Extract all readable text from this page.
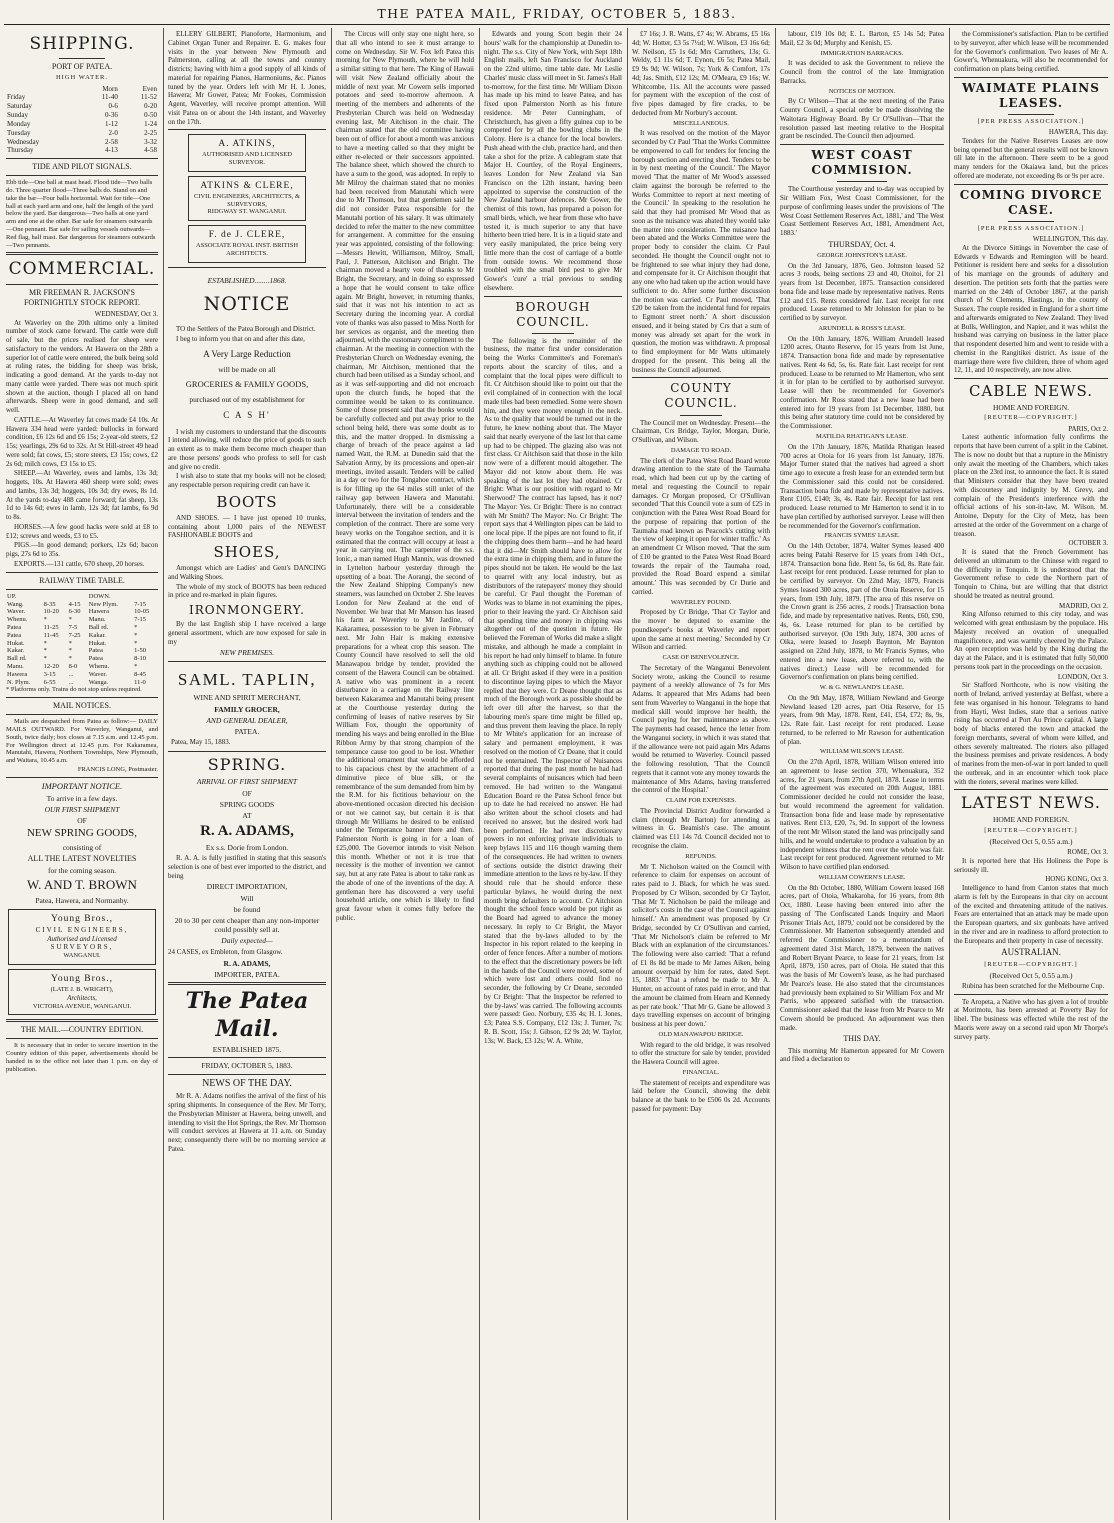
THE PATEA MAIL, FRIDAY, OCTOBER 5, 1883.
SHIPPING.
PORT OF PATEA.
HIGH WATER.
	Morn	Even
Friday	11-40	11-52
Saturday	0-6	0-20
Sunday	0-36	0-50
Monday	1-12	1-24
Tuesday	2-0	2-25
Wednesday	2-58	3-32
Thursday	4-13	4-58
TIDE AND PILOT SIGNALS.

Ebb tide—One ball at mast head. Flood tide—Two balls do. Three quarter flood—Three balls do. Stand on and take the bar—Four balls horizontal. Wait for tide—One ball at each yard arm and one, half the length of the yard below the yard. Bar dangerous—Two balls at one yard arm and one at the other. Bar safe for steamers outwards—One pennant. Bar safe for sailing vessels outwards—Red flag, half mast. Bar dangerous for steamers outwards—Two pennants.

COMMERCIAL.
MR FREEMAN R. JACKSON'S FORTNIGHTLY STOCK REPORT.
WEDNESDAY, Oct 3.

At Waverley on the 20th ultimo only a limited number of stock came forward. The cattle were dull of sale, but the prices realised for sheep were satisfactory to the vendors. At Hawera on the 28th a superior lot of cattle were entered, the bulk being sold at ruling rates, the bidding for sheep was brisk, indicating a good demand. At the yards to-day not many cattle were yarded. There was not much spirit shown at the auction, though I placed all on hand afterwards. Sheep were in good demand, and sell well.

CATTLE.—At Waverley fat cows made £4 10s. At Hawera 334 head were yarded: bullocks in forward condition, £6 12s 6d and £6 15s; 2-year-old steers, £2 15s; yearlings, 29s 6d to 32s. At St Hill-street 49 head were sold; fat cows, £5; store steers, £3 15s; cows, £2 2s 6d; milch cows, £3 15s to £5.

SHEEP.—At Waverley, ewes and lambs, 13s 3d; hoggets, 10s. At Hawera 460 sheep were sold; ewes and lambs, 13s 3d; hoggets, 10s 3d; dry ewes, 8s 1d. At the yards to-day 488 came forward; fat sheep, 13s 1d to 14s 6d; ewes in lamb, 12s 3d; fat lambs, 6s 9d to 8s.

HORSES.—A few good hacks were sold at £8 to £12; screws and weeds, £3 to £5.

PIGS.—In good demand; porkers, 12s 6d; bacon pigs, 27s 6d to 35s.

EXPORTS.—131 cattle, 670 sheep, 20 horses.

RAILWAY TIME TABLE.
UP.			DOWN.	
Wang.	8-35	4-15	New Plym.	7-15
Waver.	10-20	6-30	Hawera	10-05
Whenu.	*	*	Manu.	7-15
Patea	11-25	7-5	Ball rd.	*
Patea	11-45	7-25	Kakar.	*
Hukat.	*	*	Hukat.	*
Kakar.	*	*	Patea	1-50
Ball rd.	*	*	Patea	8-10
Manu.	12-20	8-0	Whenu.	*
Hawera	3-15	...	Waver.	8-45
N. Plym.	6-55	...	Wanga.	11-0

* Platforms only. Trains do not stop unless required.

MAIL NOTICES.

Mails are despatched from Patea as follow:— DAILY MAILS OUTWARD. For Waverley, Wanganui, and South, twice daily; box closes at 7.15 a.m. and 12.45 p.m. For Wellington direct at 12.45 p.m. For Kakaramea, Manutahi, Hawera, Northern Townships, New Plymouth, and Waitara, 10.45 a.m.

FRANCIS LONG, Postmaster.
IMPORTANT NOTICE.
To arrive in a few days.
OUR FIRST SHIPMENT
OF
NEW SPRING GOODS,
consisting of
ALL THE LATEST NOVELTIES
for the coming season.
W. AND T. BROWN
Patea, Hawera, and Normanby.
Young Bros.,
CIVIL ENGINEERS,
Authorised and Licensed
SURVEYORS,
WANGANUI.
Young Bros.,
(LATE J. B. WRIGHT),
Architects,
VICTORIA AVENUE, WANGANUI.
THE MAIL.—COUNTRY EDITION.

It is necessary that in order to secure insertion in the Country edition of this paper, advertisements should be handed in to the office not later than 1 p.m. on day of publication.

ELLERY GILBERT, Pianoforte, Harmonium, and Cabinet Organ Tuner and Repairer. E. G. makes four visits in the year between New Plymouth and Palmerston, calling at all the towns and country districts; having with him a good supply of all kinds of material for repairing Pianos, Harmoniums, &c. Pianos tuned by the year. Orders left with Mr H. I. Jones, Hawera; Mr Gower, Patea; Mr Fookes, Commission Agent, Waverley, will receive prompt attention. Will visit Patea on or about the 14th instant, and Waverley on the 17th.

A. ATKINS,
AUTHORISED AND LICENSED SURVEYOR.
ATKINS & CLERE,
CIVIL ENGINEERS, ARCHITECTS, & SURVEYORS,
RIDGWAY ST. WANGANUI.
F. de J. CLERE,
ASSOCIATE ROYAL INST. BRITISH ARCHITECTS.
ESTABLISHED........1868.
NOTICE

TO the Settlers of the Patea Borough and District.

I beg to inform you that on and after this date,

A Very Large Reduction
will be made on all
GROCERIES & FAMILY GOODS,
purchased out of my establishment for
C A S H'

I wish my customers to understand that the discounts I intend allowing, will reduce the price of goods to such an extent as to make them become much cheaper than are those persons' goods who profess to sell for cash and give no credit.

I wish also to state that my books will not be closed; any respectable person requiring credit can have it.

BOOTS

AND SHOES. — I have just opened 10 trunks, containing about 1,000 pairs of the NEWEST FASHIONABLE BOOTS and

SHOES,

Amongst which are Ladies' and Gent's DANCING and Walking Shoes.

The whole of my stock of BOOTS has been reduced in price and re-marked in plain figures.

IRONMONGERY.

By the last English ship I have received a large general assortment, which are now exposed for sale in my

NEW PREMISES.
SAML. TAPLIN,
WINE AND SPIRIT MERCHANT,
FAMILY GROCER,
AND GENERAL DEALER,
PATEA.
Patea, May 15, 1883.
SPRING.
ARRIVAL OF FIRST SHIPMENT
OF
SPRING GOODS
AT
R. A. ADAMS,
Ex s.s. Dorie from London.

R. A. A. is fully justified in stating that this season's selection is one of best ever imported to the district, and being

DIRECT IMPORTATION,
Will
be found
20 to 30 per cent cheaper than any non-importer could possibly sell at.
Daily expected—
24 CASES, ex Embleton, from Glasgow.
R. A. ADAMS,
IMPORTER, PATEA.
The Patea Mail.
ESTABLISHED 1875.
FRIDAY, OCTOBER 5, 1883.
NEWS OF THE DAY.

Mr R. A. Adams notifies the arrival of the first of his spring shipments. In consequence of the Rev. Mr Torry, the Presbyterian Minister at Hawera, being unwell, and intending to visit the Hot Springs, the Rev. Mr Thomson will conduct services at Hawera at 11 a.m. on Sunday next; consequently there will be no morning service at Patea.

The Circus will only stay one night here, so that all who intend to see it must arrange to come on Wednesday. Sir W. Fox left Patea this morning for New Plymouth, where he will hold a similar sitting to that here. The King of Hawaii will visit New Zealand officially about the middle of next year. Mr Cowern sells imported potatoes and seed to-morrow afternoon. A meeting of the members and adherents of the Presbyterian Church was held on Wednesday evening last, Mr Aitchison in the chair. The chairman stated that the old committee having been out of office for about a month was anxious to have a meeting called so that they might be either re-elected or their successors appointed. The balance sheet, which showed the church to have a sum to the good, was adopted. In reply to Mr Milroy the chairman stated that no monies had been received from Manutahi which were due to Mr Thomson, but that gentlemen said he did not consider Patea responsible for the Manutahi portion of his salary. It was ultimately decided to refer the matter to the new committee for arrangement. A committee for the ensuing year was appointed, consisting of the following:—Messrs Hewitt, Williamson, Milroy, Small, Paul, J. Patterson, Aitchison and Bright. The chairman moved a hearty vote of thanks to Mr Bright, the Secretary, and in doing so expressed a hope that he would consent to take office again. Mr Bright, however, in returning thanks, said that it was not his intention to act as Secretary during the incoming year. A cordial vote of thanks was also passed to Miss North for her services as organist, and the meeting then adjourned, with the customary compliment to the chairman. At the meeting in connection with the Presbyterian Church on Wednesday evening, the chairman, Mr Aitchison, mentioned that the church had been utilised as a Sunday school, and as it was self-supporting and did not encroach upon the church funds, he hoped that the committee would be taken to its continuance. Some of those present said that the books would be carefully collected and put away prior to the school being held, there was some doubt as to this, and the matter dropped. In dismissing a charge of breach of the peace against a lad named Watt, the R.M. at Dunedin said that the Salvation Army, by its processions and open-air meetings, invited assault. Tenders will be called in a day or two for the Tongahoe contract, which is for filling up the 64 miles still unlet of the railway gap between Hawera and Manutahi. Unfortunately, there will be a considerable interval between the invitation of tenders and the completion of the contract. There are some very heavy works on the Tongahoe section, and it is estimated that the contract will occupy at least a year in carrying out. The carpenter of the s.s. Ionic, a man named Hugh Mannix, was drowned in Lyttelton harbour yesterday through the upsetting of a boat. The Aorangi, the second of the New Zealand Shipping Company's new steamers, was launched on October 2. She leaves London for New Zealand at the end of November. We hear that Mr Manson has leased his farm at Waverley to Mr Jardine, of Kakaramea, possession to be given in February next. Mr John Hair is making extensive preparations for a wheat crop this season. The County Council have resolved to sell the old Manawapou bridge by tender, provided the consent of the Hawera Council can be obtained. A native who was prominent in a recent disturbance in a carriage on the Railway line between Kakaramea and Manutahi being present at the Courthouse yesterday during the confirming of leases of native reserves by Sir William Fox, thought the opportunity of mending his ways and being enrolled in the Blue Ribbon Army by that strong champion of the temperance cause too good to be lost. Whether the additional ornament that would be afforded to his capacious chest by the attachment of a diminutive piece of blue silk, or the remembrance of the sum demanded from him by the R.M. for his fictitious behaviour on the above-mentioned occasion directed his decision or not we cannot say, but certain it is that through Mr Williams he desired to be enlisted under the Temperance banner there and then. Palmerston North is going in for a loan of £25,000. The Governor intends to visit Nelson this month. Whether or not it is true that necessity is the mother of invention we cannot say, but at any rate Patea is about to take rank as the abode of one of the inventions of the day. A gentleman here has discovered a very useful household article, one which is likely to find great favour when it comes fully before the public.

Edwards and young Scott begin their 24 hours' walk for the championship at Dunedin to-night. The s.s. City of New York, with Sept 18th English mails, left San Francisco for Auckland on the 22nd ultimo, time table date. Mr Leslie Charles' music class will meet in St. James's Hall to-morrow, for the first time. Mr William Dixon has made up his mind to leave Patea, and has fixed upon Palmerston North as his future residence. Mr Peter Cunningham, of Christchurch, has given a fifty guinea cup to be competed for by all the bowling clubs in the Colony. Here is a chance for the local bowlers. Push ahead with the club, practice hard, and then take a shot for the prize. A cablegram state that Major H. Courtley, of the Royal Engineers, leaves London for New Zealand via San Francisco on the 12th instant, having been appointed to supervise the construction of the New Zealand harbour defences. Mr Gower, the chemist of this town, has prepared a poison for small birds, which, we hear from those who have tested it, is much superior to any that have hitherto been tried here. It is in a liquid state and very easily manipulated, the price being very little more than the cost of carriage of a bottle from outside towns. We recommend those troubled with the small bird pest to give Mr Gower's 'cure' a trial previous to sending elsewhere.

BOROUGH COUNCIL.

The following is the remainder of the business, the matter first under consideration being the Works Committee's and Foreman's reports about the scarcity of tiles, and a complaint that the local pipes were difficult to fit. Cr Aitchison should like to point out that the evil complained of in connection with the local made tiles had been remedied. Some were shown him, and they were money enough in the neck. As to the quality that would be turned out in the future, he knew nothing about that. The Mayor said that nearly everyone of the last lot that came up had to be chipped. The glazing also was not first class. Cr Aitchison said that those in the kiln now were of a different mould altogether. The Mayor did not know about them. He was speaking of the last lot they had obtained. Cr Bright: What is our position with regard to Mr Sherwood? The contract has lapsed, has it not? The Mayor: Yes. Cr Bright: There is no contract with Mr Smith? The Mayor: No. Cr Bright: The report says that 4 Wellington pipes can be laid to one local pipe. If the pipes are not found to fit, if the chipping does them harm—and he had heard that it did—Mr Smith should have to allow for the extra time in chipping them, and in future the pipes should not be taken. He would be the last to quarrel with any local industry, but as distributors of the ratepayers' money they should be careful. Cr Paul thought the Foreman of Works was to blame in not examining the pipes, prior to their leaving the yard. Cr Aitchison said that spending time and money in chipping was altogether out of the question in future. He believed the Foreman of Works did make a slight mistake, and although he made a complaint in his report he had only himself to blame. In future anything such as chipping could not be allowed at all. Cr Bright asked if they were in a position to discontinue laying pipes to which the Mayor replied that they were. Cr Deane thought that as much of the Borough work as possible should be left over till after the harvest, so that the labouring men's spare time might be filled up, and thus prevent them leaving the place. In reply to Mr White's application for an increase of salary and permanent employment, it was resolved on the motion of Cr Deane, that it could not be entertained. The Inspector of Nuisances reported that during the past month he had had several complaints of nuisances which had been removed. He had written to the Wanganui Education Board re the Patea School fence but up to date he had received no answer. He had also written about the school closets and had received no answer, but the desired work had been performed. He had met discretionary powers in not enforcing private individuals to keep bylaws 115 and 116 though warning them of the consequences. He had written to owners of sections outside the district drawing their immediate attention to the laws re by-law. If they should rule that he should enforce these particular bylaws, he would during the next month bring defaulters to account. Cr Aitchison thought the school fence would be put right as the Board had agreed to advance the money necessary. In reply to Cr Bright, the Mayor stated that the by-laws alluded to by the Inspector in his report related to the keeping in order of fence fences. After a number of motions to the effect that the discretionary powers be left in the hands of the Council were moved, some of which were lost and others could find no seconder, the following by Cr Deane, seconded by Cr Bright: 'That the Inspector be referred to the by-laws' was carried. The following accounts were passed: Geo. Norbury, £35 4s; H. I. Jones, £3; Patea S.S. Company, £12 13s; J. Turner, 7s; R. B. Scott, 15s; J. Gibson, £2 9s 2d; W. Taylor, 13s; W. Back, £3 12s; W. A. White,

£7 16s; J. R. Watts, £7 4s; W. Abrams, £5 16s 4d; W. Hotter, £3 5s 7½d; W. Wilson, £3 16s 6d; W. Neilson, £5 1s 6d; Mrs Carruthers, 13s; G. Weldy, £1 11s 6d; T. Eynon, £6 5s; Patea Mail, £9 9s 9d; W. Wilson, 7s; York & Comfort, 17s 4d; Jas. Smith, £12 12s; M. O'Meara, £9 16s; W. Whitcombe, 11s. All the accounts were passed for payment with the exception of the cost of five pipes damaged by fire cracks, to be deducted from Mr Norbury's account.

MISCELLANEOUS.

It was resolved on the motion of the Mayor seconded by Cr Paul 'That the Works Committee be empowered to call for tenders for fencing the borough section and erecting shed. Tenders to be in by next meeting of the Council.' The Mayor moved 'That the matter of Mr Wood's assessed claim against the borough be referred to the Works Committee to report at next meeting of the Council.' In speaking to the resolution he said that they had promised Mr Wood that as soon as the nuisance was abated they would take the matter into consideration. The nuisance had been abated and the Works Committee were the proper body to consider the claim. Cr Paul seconded. He thought the Council ought not to be frightened to see what injury they had done, and compensate for it. Cr Aitchison thought that any one who had taken up the action would have sufficient to do. After some further discussion the motion was carried. Cr Paul moved, 'That £20 be taken from the incidental fund for repairs to Egmont street north.' A short discussion ensued, and it being stated by Crs that a sum of money was already set apart for the work in question, the motion was withdrawn. A proposal to find employment for Mr Watts ultimately dropped for the present. This being all the business the Council adjourned.

COUNTY COUNCIL.

The Council met on Wednesday. Present—the Chairman, Crs Bridge, Taylor, Morgan, Durie, O'Sullivan, and Wilson.

DAMAGE TO ROAD.

The clerk of the Patea West Road Board wrote drawing attention to the state of the Taumaha road, which had been cut up by the carting of metal and requesting the Council to repair damages. Cr Morgan proposed, Cr O'Sullivan seconded 'That this Council vote a sum of £25 in conjunction with the Patea West Road Board for the purpose of repairing that portion of the Taumaha road known as Peacock's cutting with the view of keeping it open for winter traffic.' As an amendment Cr Wilson moved, 'That the sum of £10 be granted to the Patea West Road Board towards the repair of the Taumaha road, provided the Road Board expend a similar amount.' This was seconded by Cr Durie and carried.

WAVERLEY POUND.

Proposed by Cr Bridge, 'That Cr Taylor and the mover be deputed to examine the poundkeeper's books at Waverley and report upon the same at next meeting.' Seconded by Cr Wilson and carried.

CASE OF BENEVOLENCE.

The Secretary of the Wanganui Benevolent Society wrote, asking the Council to resume payment of a weekly allowance of 7s for Mrs Adams. It appeared that Mrs Adams had been sent from Waverley to Wanganui in the hope that medical skill would improve her health, the Council paying for her maintenance as above. The payments had ceased, hence the letter from the Wanganui society, in which it was stated that if the allowance were not paid again Mrs Adams would be returned to Waverley. Council passed the following resolution, 'That the Council regrets that it cannot vote any money towards the maintenance of Mrs Adams, having transferred the control of the Hospital.'

CLAIM FOR EXPENSES.

The Provincial District Auditor forwarded a claim (through Mr Barton) for attending as witness in G. Beamish's case. The amount claimed was £11 14s 7d. Council decided not to recognise the claim.

REFUNDS.

Mr T. Nicholson waited on the Council with reference to claim for expenses on account of rates paid to J. Black, for which he was sued. Proposed by Cr Wilson, seconded by Cr Taylor, 'That Mr T. Nicholson be paid the mileage and solicitor's costs in the case of the Council against himself.' An amendment was proposed by Cr Bridge, seconded by Cr O'Sullivan and carried, 'That Mr Nicholson's claim be referred to Mr Black with an explanation of the circumstances.' The following were also carried: 'That a refund of £1 8s 8d be made to Mr James Aiken, being amount overpaid by him for rates, dated Sept. 15, 1883.' 'That a refund be made to Mr A. Hunter, on account of rates paid in error, and that the amount be claimed from Hearn and Kennedy as per rate book.' 'That Mr G. Gane be allowed 3 days travelling expenses on account of bringing business at his peer down.'

OLD MANAWAPOU BRIDGE.

With regard to the old bridge, it was resolved to offer the structure for sale by tender, provided the Hawera Council will agree.

FINANCIAL.

The statement of receipts and expenditure was laid before the Council, showing the debit balance at the bank to be £506 0s 2d. Accounts passed for payment: Day

labour, £19 10s 0d; E. L. Barton, £5 14s 5d; Patea Mail, £2 3s 0d; Murphy and Kenish, £5.

IMMIGRATION BARRACKS.

It was decided to ask the Government to relieve the Council from the control of the late Immigration Barracks.

NOTICES OF MOTION.

By Cr Wilson—That at the next meeting of the Patea County Council, a special order be made dissolving the Waitotara Highway Board. By Cr O'Sullivan—That the resolution passed last meeting relative to the Hospital grant be rescinded. The Council then adjourned.

WEST COAST COMMISION.

The Courthouse yesterday and to-day was occupied by Sir William Fox, West Coast Commissioner, for the purpose of confirming leases under the provisions of 'The West Coast Settlement Reserves Act, 1881,' and 'The West Coast Settlement Reserves Act, 1881, Amendment Act, 1883.'

THURSDAY, Oct. 4.
GEORGE JOHNSTON'S LEASE.

On the 3rd January, 1876, Geo. Johnston leased 52 acres 3 roods, being sections 23 and 40, Otoitoi, for 21 years from 1st December, 1875. Transaction considered bona fide and lease made by representative natives. Rents £12 and £15. Rents considered fair. Last receipt for rent produced. Lease returned to Mr Johnston for plan to be certified to by surveyor.

ARUNDELL & ROSS'S LEASE.

On the 10th January, 1876, William Arundell leased 1200 acres, Otauto Reserve, for 15 years from 1st June, 1874. Transaction bona fide and made by representative natives. Rent 4s 6d, 5s, 6s. Rate fair. Last receipt for rent produced. Lease to be returned to Mr Hamerton, who sent it in for plan to be certified to by authorised surveyor. Lease will then be recommended for Governor's confirmation. Mr Ross stated that a new lease had been entered into for 19 years from 1st December, 1880, but this being after statutory time could not be considered by the Commissioner.

MATILDA RHATIGAN'S LEASE.

On the 17th January, 1876, Matilda Rhatigan leased 700 acres at Otoia for 16 years from 1st January, 1876. Major Turner stated that the natives had agreed a short time ago to execute a fresh lease for an extended term but the Commissioner said this could not be considered. Transaction bona fide and made by representative natives. Rent £105, £140; 3s, 4s. Rate fair. Receipt for last rent produced. Lease returned to Mr Hamerton to send it in to have plan certified by authorised surveyor. Lease will then be recommended for the Governor's confirmation.

FRANCIS SYMES' LEASE.

On the 14th October, 1874, Walter Symes leased 400 acres being Patahi Reserve for 15 years from 14th Oct., 1874. Transaction bona fide. Rent 5s, 6s 6d, 8s. Rate fair. Last receipt for rent produced. Lease returned for plan to be certified by surveyor. On 22nd May, 1879, Francis Symes leased 300 acres, part of the Otoia Reserve, for 15 years, from 19th July, 1879. [The area of this reserve on the Crown grant is 256 acres, 2 roods.] Transaction bona fide, and made by representative natives. Rents, £60, £90, 4s, 6s. Lease returned for plan to be certified by authorised surveyor. (On 19th July, 1874, 300 acres of Oika, were leased to Joseph Baynton, Mr Baynton assigned on 22nd July, 1878, to Mr Francis Symes, who entered into a new lease, above referred to, with the natives direct.) Lease will be recommended for Governor's confirmation on plans being certified.

W. & G. NEWLAND'S LEASE.

On the 9th May, 1878, William Newland and George Newland leased 120 acres, part Otia Reserve, for 15 years, from 9th May, 1878. Rent, £41, £54, £72; 8s, 9s, 12s. Rate fair. Last receipt for rent produced. Lease returned, to be referred to Mr Rawson for authentication of plan.

WILLIAM WILSON'S LEASE.

On the 27th April, 1878, William Wilson entered into an agreement to lease section 370, Whenuakura, 352 acres, for 21 years, from 27th April, 1878. Lease in terms of the agreement was executed on 20th August, 1881. Commissioner decided he could not consider the lease, but would recommend the agreement for validation. Transaction bona fide and lease made by representative natives. Rent £13, £20, 7s, 9d. In support of the lowness of the rent Mr Wilson stated the land was principally sand hills, and he would undertake to produce a valuation by an independent witness that the rent over the whole was fair. Last receipt for rent produced. Agreement returned to Mr Wilson to have certified plan endorsed.

WILLIAM COWERN'S LEASE.

On the 8th October, 1880, William Cowern leased 168 acres, part of Otoia, Whakaroha, for 16 years, from 8th Oct, 1880. Lease having been entered into after the passing of 'The Confiscated Lands Inquiry and Maori Prisoner Trials Act, 1879,' could not be considered by the Commissioner. Mr Hamerton subsequently attended and referred the Commissioner to a memorandum of agreement dated 31st March, 1879, between the natives and Robert Bryant Pearce, to lease for 21 years, from 1st April, 1879, 150 acres, part of Otoia. He stated that this was the basis of Mr Cowern's lease, as he had purchased Mr Pearce's lease. He also stated that the circumstances had previously been explained to Sir William Fox and Mr Parris, who appeared satisfied with the transaction. Commissioner asked that the lease from Mr Pearce to Mr Cowern should be produced. An adjournment was then made.

THIS DAY.

This morning Mr Hamerton appeared for Mr Cowern and filed a declaration to

the Commissioner's satisfaction. Plan to be certified to by surveyor, after which lease will be recommended for the Governor's confirmation. Two leases of Mr A. Gower's, Whenuakura, will also be recommended for confirmation on plans being certified.

WAIMATE PLAINS LEASES.
[PER PRESS ASSOCIATION.]
HAWERA, This day.

Tenders for the Native Reserves Leases are now being opened but the general results will not be known till late in the afternoon. There seem to be a good many tenders for the Okaiawa land, but the prices offered are moderate, not exceeding 8s or 9s per acre.

COMING DIVORCE CASE.
[PER PRESS ASSOCIATION.]
WELLINGTON, This day.

At the Divorce Sittings in November the case of Edwards v Edwards and Remington will be heard. Petitioner is resident here and seeks for a dissolution of his marriage on the grounds of adultery and desertion. The petition sets forth that the parties were married on the 24th of October 1867, at the parish church of St Clements, Hastings, in the county of Sussex. The couple resided in England for a short time and afterwards emigrated to New Zealand. They lived at Bulls, Wellington, and Napier, and it was whilst the husband was carrying on business in the latter place that respondent deserted him and went to reside with a chemist in the Rangitikei district. As issue of the marriage there were five children, three of whom aged 12, 11, and 10 respectively, are now alive.

CABLE NEWS.
HOME AND FOREIGN.
[REUTER—COPYRIGHT.]
PARIS, Oct 2.

Latest authentic information fully confirms the reports that have been current of a split in the Cabinet. The is now no doubt but that a rupture in the Ministry only await the meeting of the Chambers, which takes place on the 23rd inst, to announce the fact. It is stated that Ministers consider that they have been treated with discourtesy and indignity by M. Grevy, and complain of the President's interference with the official actions of his son-in-law, M. Wilson. M. Antoine, Deputy for the City of Metz, has been arrested at the order of the Government on a charge of treason.

OCTOBER 3.

It is stated that the French Government has delivered an ultimatum to the Chinese with regard to the difficulty in Tonquin. It is understood that the Government refuse to cede the Northern part of Tonquin to China, but are willing that that district should be treated as neutral ground.

MADRID, Oct 2.

King Alfonso returned to this city today, and was welcomed with great enthusiasm by the populace. His Majesty received an ovation of unequalled magnificence, and was warmly cheered by the Palace. An open reception was held by the King during the day at the Palace, and it is estimated that fully 50,000 persons took part in the proceedings on the occasion.

LONDON, Oct 3.

Sir Stafford Northcote, who is now visiting the north of Ireland, arrived yesterday at Belfast, where a fete was organised in his honour. Telegrams to hand from Hayti, West Indies, state that a serious native rising has occurred at Port Au Prince capital. A large body of blacks entered the town and attacked the foreign merchants, several of whom were killed, and others severely maltreated. The rioters also pillaged the business premises and private residences. A body of marines from the men-of-war in port landed to quell the outbreak, and in an encounter which took place with the rioters, several marines were killed.

LATEST NEWS.
HOME AND FOREIGN.
[REUTER—COPYRIGHT.]
(Received Oct 5, 0.55 a.m.)
ROME, Oct 3.

It is reported here that His Holiness the Pope is seriously ill.

HONG KONG, Oct 3.

Intelligence to hand from Canton states that much alarm is felt by the Europeans in that city on account of the excited and threatening attitude of the natives. Fears are entertained that an attack may be made upon the European quarters, and six gunboats have arrived in the river and are in readiness to afford protection to the Europeans and their property in case of necessity.

AUSTRALIAN.
[REUTER—COPYRIGHT.]
(Received Oct 5, 0.55 a.m.)

Rubina has been scratched for the Melbourne Cup.

Te Aropeta, a Native who has given a lot of trouble at Morimotu, has been arrested at Poverty Bay for libel. The business was effected while the rest of the Maoris were away on a second raid upon Mr Thorpe's survey party.
